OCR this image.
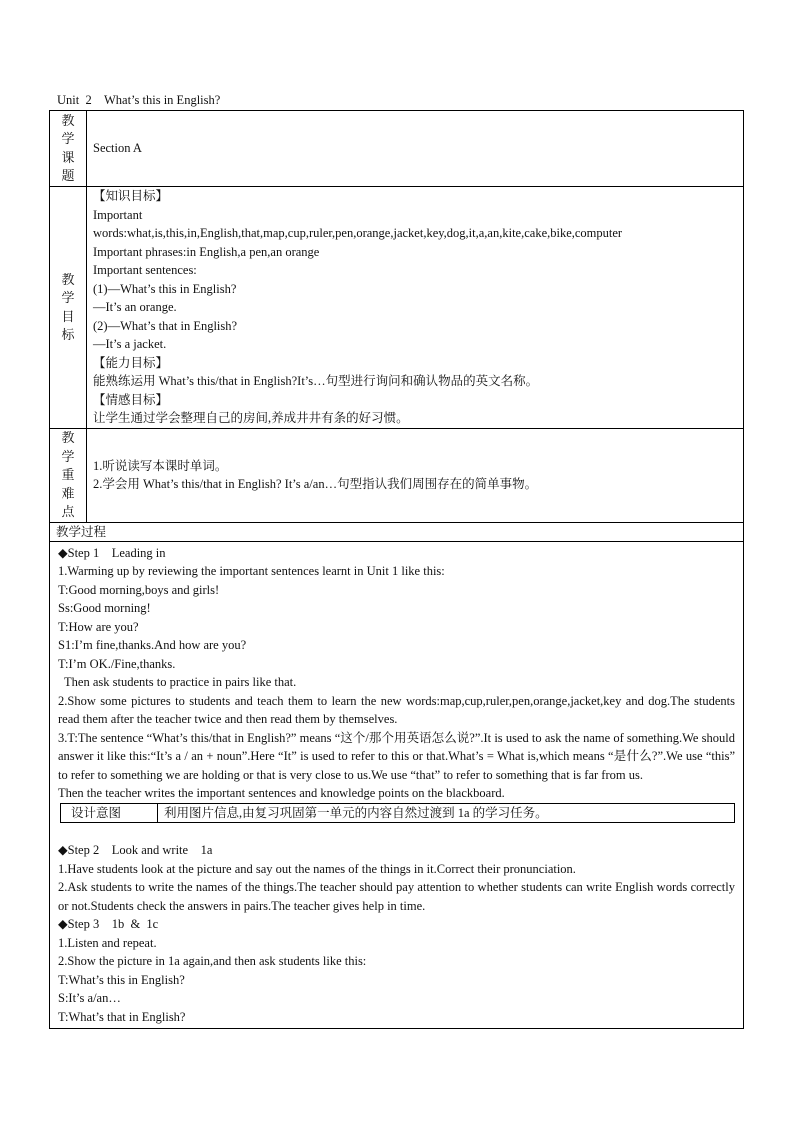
Unit  2    What’s this in English?
教
学
课
题
	Section A

教
学
目
标

【知识目标】
Important
words:what,is,this,in,English,that,map,cup,ruler,pen,orange,jacket,key,dog,it,a,an,kite,cake,bike,computer
Important phrases:in English,a pen,an orange
Important sentences:
(1)—What’s this in English?
—It’s an orange.
(2)—What’s that in English?
—It’s a jacket.
【能力目标】
能熟练运用 What’s this/that in English?It’s…句型进行询问和确认物品的英文名称。
【情感目标】
让学生通过学会整理自己的房间,养成井井有条的好习惯。

教
学
重
难
点

1.听说读写本课时单词。
2.学会用 What’s this/that in English? It’s a/an…句型指认我们周围存在的简单事物。

教学过程

◆Step 1    Leading in
1.Warming up by reviewing the important sentences learnt in Unit 1 like this:
T:Good morning,boys and girls!
Ss:Good morning!
T:How are you?
S1:I’m fine,thanks.And how are you?
T:I’m OK./Fine,thanks.
Then ask students to practice in pairs like that.
2.Show some pictures to students and teach them to learn the new words:map,cup,ruler,pen,orange,jacket,key and dog.The students read them after the teacher twice and then read them by themselves.
3.T:The sentence “What’s this/that in English?” means “这个/那个用英语怎么说?”.It is used to ask the name of something.We should answer it like this:“It’s a / an + noun”.Here “It” is used to refer to this or that.What’s = What is,which means “是什么?”.We use “this” to refer to something we are holding or that is very close to us.We use “that” to refer to something that is far from us.
Then the teacher writes the important sentences and knowledge points on the blackboard.
设计意图	利用图片信息,由复习巩固第一单元的内容自然过渡到 1a 的学习任务。
◆Step 2    Look and write    1a
1.Have students look at the picture and say out the names of the things in it.Correct their pronunciation.
2.Ask students to write the names of the things.The teacher should pay attention to whether students can write English words correctly or not.Students check the answers in pairs.The teacher gives help in time.
◆Step 3    1b  &  1c
1.Listen and repeat.
2.Show the picture in 1a again,and then ask students like this:
T:What’s this in English?
S:It’s a/an…
T:What’s that in English?
